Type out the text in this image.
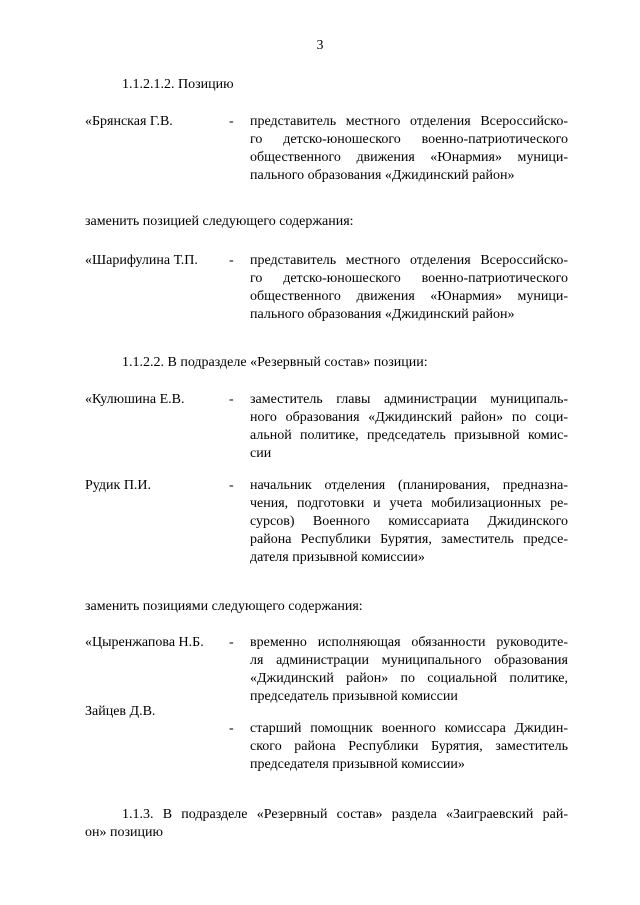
3
1.1.2.1.2. Позицию
«Брянская Г.В.	- представитель местного отделения Всероссийско-
го детско-юношеского военно-патриотического
общественного движения «Юнармия» муници-
пального образования «Джидинский район»
заменить позицией следующего содержания:
«Шарифулина Т.П. - представитель местного отделения Всероссийско-
го детско-юношеского военно-патриотического
общественного движения «Юнармия» муници-
пального образования «Джидинский район»
1.1.2.2. В подразделе «Резервный состав» позиции:
«Кулюшина Е.В.	- заместитель главы администрации муниципаль-
ного образования «Джидинский район» по соци-
альной политике, председатель призывной комис-
сии
Рудик П.И.	- начальник отделения (планирования, предназна-
чения, подготовки и учета мобилизационных ре-
сурсов) Военного комиссариата Джидинского
района Республики Бурятия, заместитель предсе-
дателя призывной комиссии»
заменить позициями следующего содержания:
«Цыренжапова Н.Б. - временно исполняющая обязанности руководите-
ля администрации муниципального образования
«Джидинский район» по социальной политике,
председатель призывной комиссии
Зайцев Д.В.
- старший помощник военного комиссара Джидин-
ского района Республики Бурятия, заместитель
председателя призывной комиссии»
1.1.3. В подразделе «Резервный состав» раздела «Заиграевский рай-
он» позицию
